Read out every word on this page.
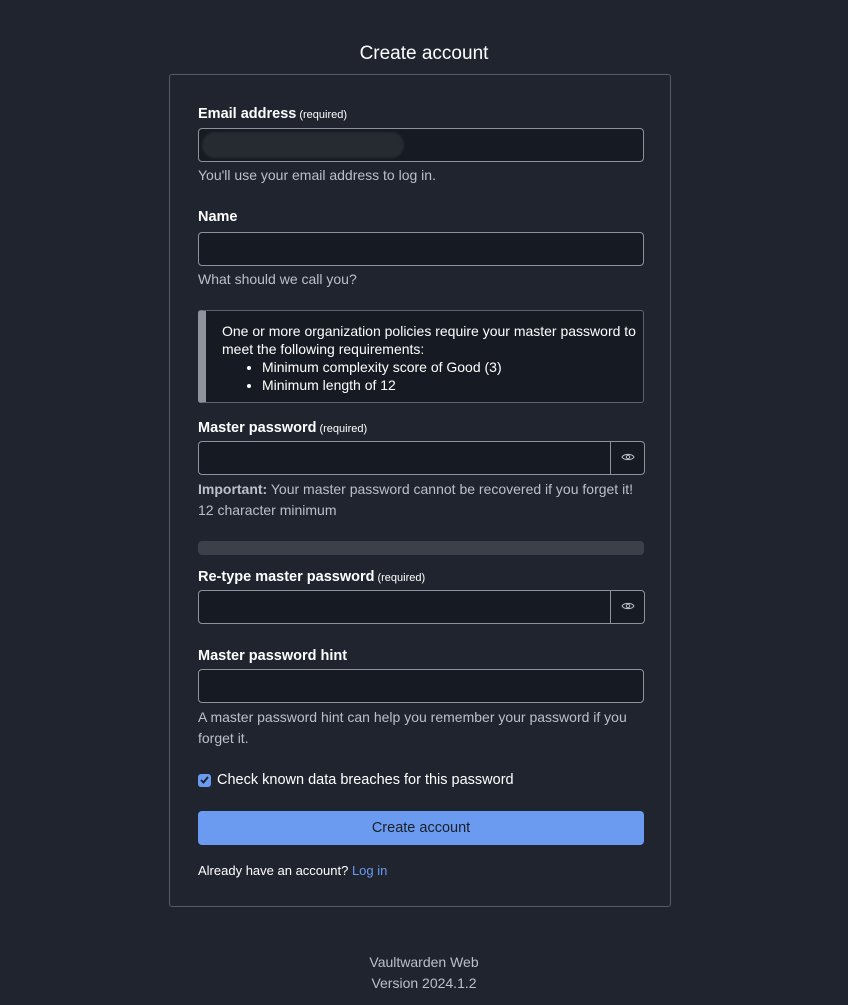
Create account
Email address (required)
You'll use your email address to log in.
Name
What should we call you?
One or more organization policies require your master password to meet the following requirements:
• Minimum complexity score of Good (3)
• Minimum length of 12
Master password (required)
Important: Your master password cannot be recovered if you forget it! 12 character minimum
Re-type master password (required)
Master password hint
A master password hint can help you remember your password if you forget it.
Check known data breaches for this password
Create account
Already have an account? Log in
Vaultwarden Web
Version 2024.1.2
